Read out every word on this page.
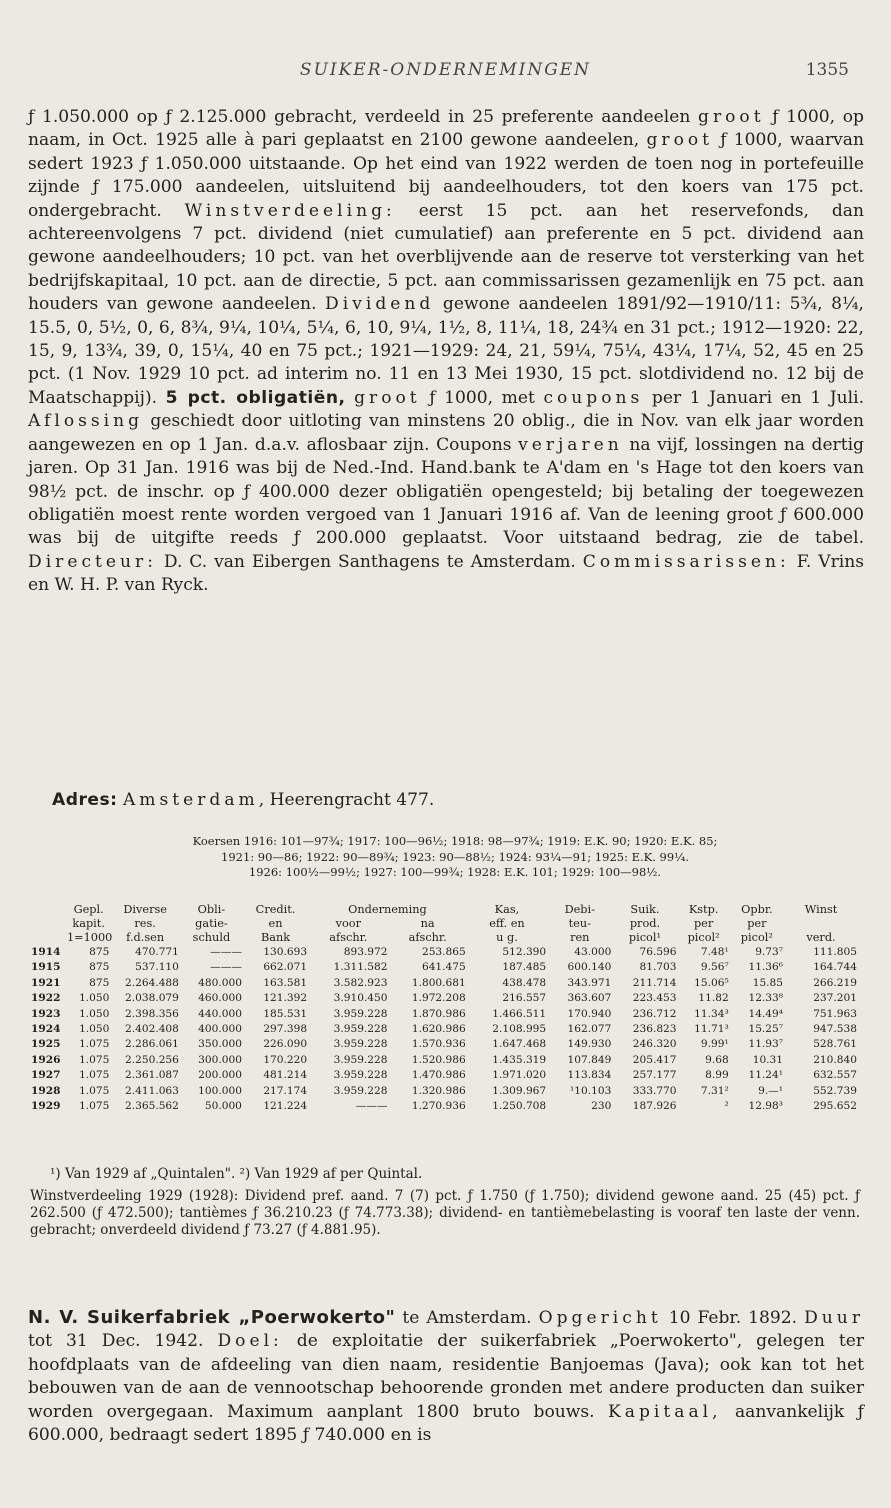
SUIKER-ONDERNEMINGEN	1355
ƒ 1.050.000 op ƒ 2.125.000 gebracht, verdeeld in 25 preferente aandeelen groot ƒ 1000, op naam, in Oct. 1925 alle à pari geplaatst en 2100 gewone aandeelen, groot ƒ 1000, waarvan sedert 1923 ƒ 1.050.000 uitstaande. Op het eind van 1922 werden de toen nog in portefeuille zijnde ƒ 175.000 aandeelen, uitsluitend bij aandeelhouders, tot den koers van 175 pct. ondergebracht. Winstverdeeling: eerst 15 pct. aan het reservefonds, dan achtereenvolgens 7 pct. dividend (niet cumulatief) aan preferente en 5 pct. dividend aan gewone aandeelhouders; 10 pct. van het overblijvende aan de reserve tot versterking van het bedrijfskapitaal, 10 pct. aan de directie, 5 pct. aan commissarissen gezamenlijk en 75 pct. aan houders van gewone aandeelen. Dividend gewone aandeelen 1891/92—1910/11: 5¾, 8¼, 15.5, 0, 5½, 0, 6, 8¾, 9¼, 10¼, 5¼, 6, 10, 9¼, 1½, 8, 11¼, 18, 24¾ en 31 pct.; 1912—1920: 22, 15, 9, 13¾, 39, 0, 15¼, 40 en 75 pct.; 1921—1929: 24, 21, 59¼, 75¼, 43¼, 17¼, 52, 45 en 25 pct. (1 Nov. 1929 10 pct. ad interim no. 11 en 13 Mei 1930, 15 pct. slotdividend no. 12 bij de Maatschappij). 5 pct. obligatiën, groot ƒ 1000, met coupons per 1 Januari en 1 Juli. Aflossing geschiedt door uitloting van minstens 20 oblig., die in Nov. van elk jaar worden aangewezen en op 1 Jan. d.a.v. aflosbaar zijn. Coupons verjaren na vijf, lossingen na dertig jaren. Op 31 Jan. 1916 was bij de Ned.-Ind. Hand.bank te A'dam en 's Hage tot den koers van 98½ pct. de inschr. op ƒ 400.000 dezer obligatiën opengesteld; bij betaling der toegewezen obligatiën moest rente worden vergoed van 1 Januari 1916 af. Van de leening groot ƒ 600.000 was bij de uitgifte reeds ƒ 200.000 geplaatst. Voor uitstaand bedrag, zie de tabel. Directeur: D. C. van Eibergen Santhagens te Amsterdam. Commissarissen: F. Vrins en W. H. P. van Ryck.
Adres: Amsterdam, Heerengracht 477.
Koersen 1916: 101—97¾; 1917: 100—96½; 1918: 98—97¾; 1919: E.K. 90; 1920: E.K. 85;
1921: 90—86; 1922: 90—89¾; 1923: 90—88½; 1924: 93¼—91; 1925: E.K. 99¼.
1926: 100½—99½; 1927: 100—99¾; 1928: E.K. 101; 1929: 100—98½.
	Gepl.	Diverse	Obli-	Credit.	Onderneming		Kas,	Debi-	Suik.	Kstp.	Opbr.	Winst
	kapit.	res.	gatie-	en	voor	na	eff. en	teu-	prod.	per	per	
	1=1000	f.d.sen	schuld	Bank	afschr.	afschr.	u g.	ren	picol¹	picol²	picol²	verd.
1914	875	470.771	———	130.693	893.972	253.865	512.390	43.000	76.596	7.48¹	9.73⁷	111.805
1915	875	537.110	———	662.071	1.311.582	641.475	187.485	600.140	81.703	9.56⁷	11.36⁶	164.744
1921	875	2.264.488	480.000	163.581	3.582.923	1.800.681	438.478	343.971	211.714	15.06⁵	15.85	266.219
1922	1.050	2.038.079	460.000	121.392	3.910.450	1.972.208	216.557	363.607	223.453	11.82	12.33⁸	237.201
1923	1.050	2.398.356	440.000	185.531	3.959.228	1.870.986	1.466.511	170.940	236.712	11.34³	14.49⁴	751.963
1924	1.050	2.402.408	400.000	297.398	3.959.228	1.620.986	2.108.995	162.077	236.823	11.71³	15.25⁷	947.538
1925	1.075	2.286.061	350.000	226.090	3.959.228	1.570.936	1.647.468	149.930	246.320	9.99¹	11.93⁷	528.761
1926	1.075	2.250.256	300.000	170.220	3.959.228	1.520.986	1.435.319	107.849	205.417	9.68	10.31	210.840
1927	1.075	2.361.087	200.000	481.214	3.959.228	1.470.986	1.971.020	113.834	257.177	8.99	11.24¹	632.557
1928	1.075	2.411.063	100.000	217.174	3.959.228	1.320.986	1.309.967	¹10.103	333.770	7.31²	9.—¹	552.739
1929	1.075	2.365.562	50.000	121.224	———	1.270.936	1.250.708	230	187.926	²	12.98³	295.652
¹) Van 1929 af „Quintalen". ²) Van 1929 af per Quintal.
Winstverdeeling 1929 (1928): Dividend pref. aand. 7 (7) pct. ƒ 1.750 (ƒ 1.750); dividend gewone aand. 25 (45) pct. ƒ 262.500 (ƒ 472.500); tantièmes ƒ 36.210.23 (ƒ 74.773.38); dividend- en tantièmebelasting is vooraf ten laste der venn. gebracht; onverdeeld dividend ƒ 73.27 (ƒ 4.881.95).
N. V. Suikerfabriek „Poerwokerto" te Amsterdam. Opgericht 10 Febr. 1892. Duur tot 31 Dec. 1942. Doel: de exploitatie der suikerfabriek „Poerwokerto", gelegen ter hoofdplaats van de afdeeling van dien naam, residentie Banjoemas (Java); ook kan tot het bebouwen van de aan de vennootschap behoorende gronden met andere producten dan suiker worden overgegaan. Maximum aanplant 1800 bruto bouws. Kapitaal, aanvankelijk ƒ 600.000, bedraagt sedert 1895 ƒ 740.000 en is
